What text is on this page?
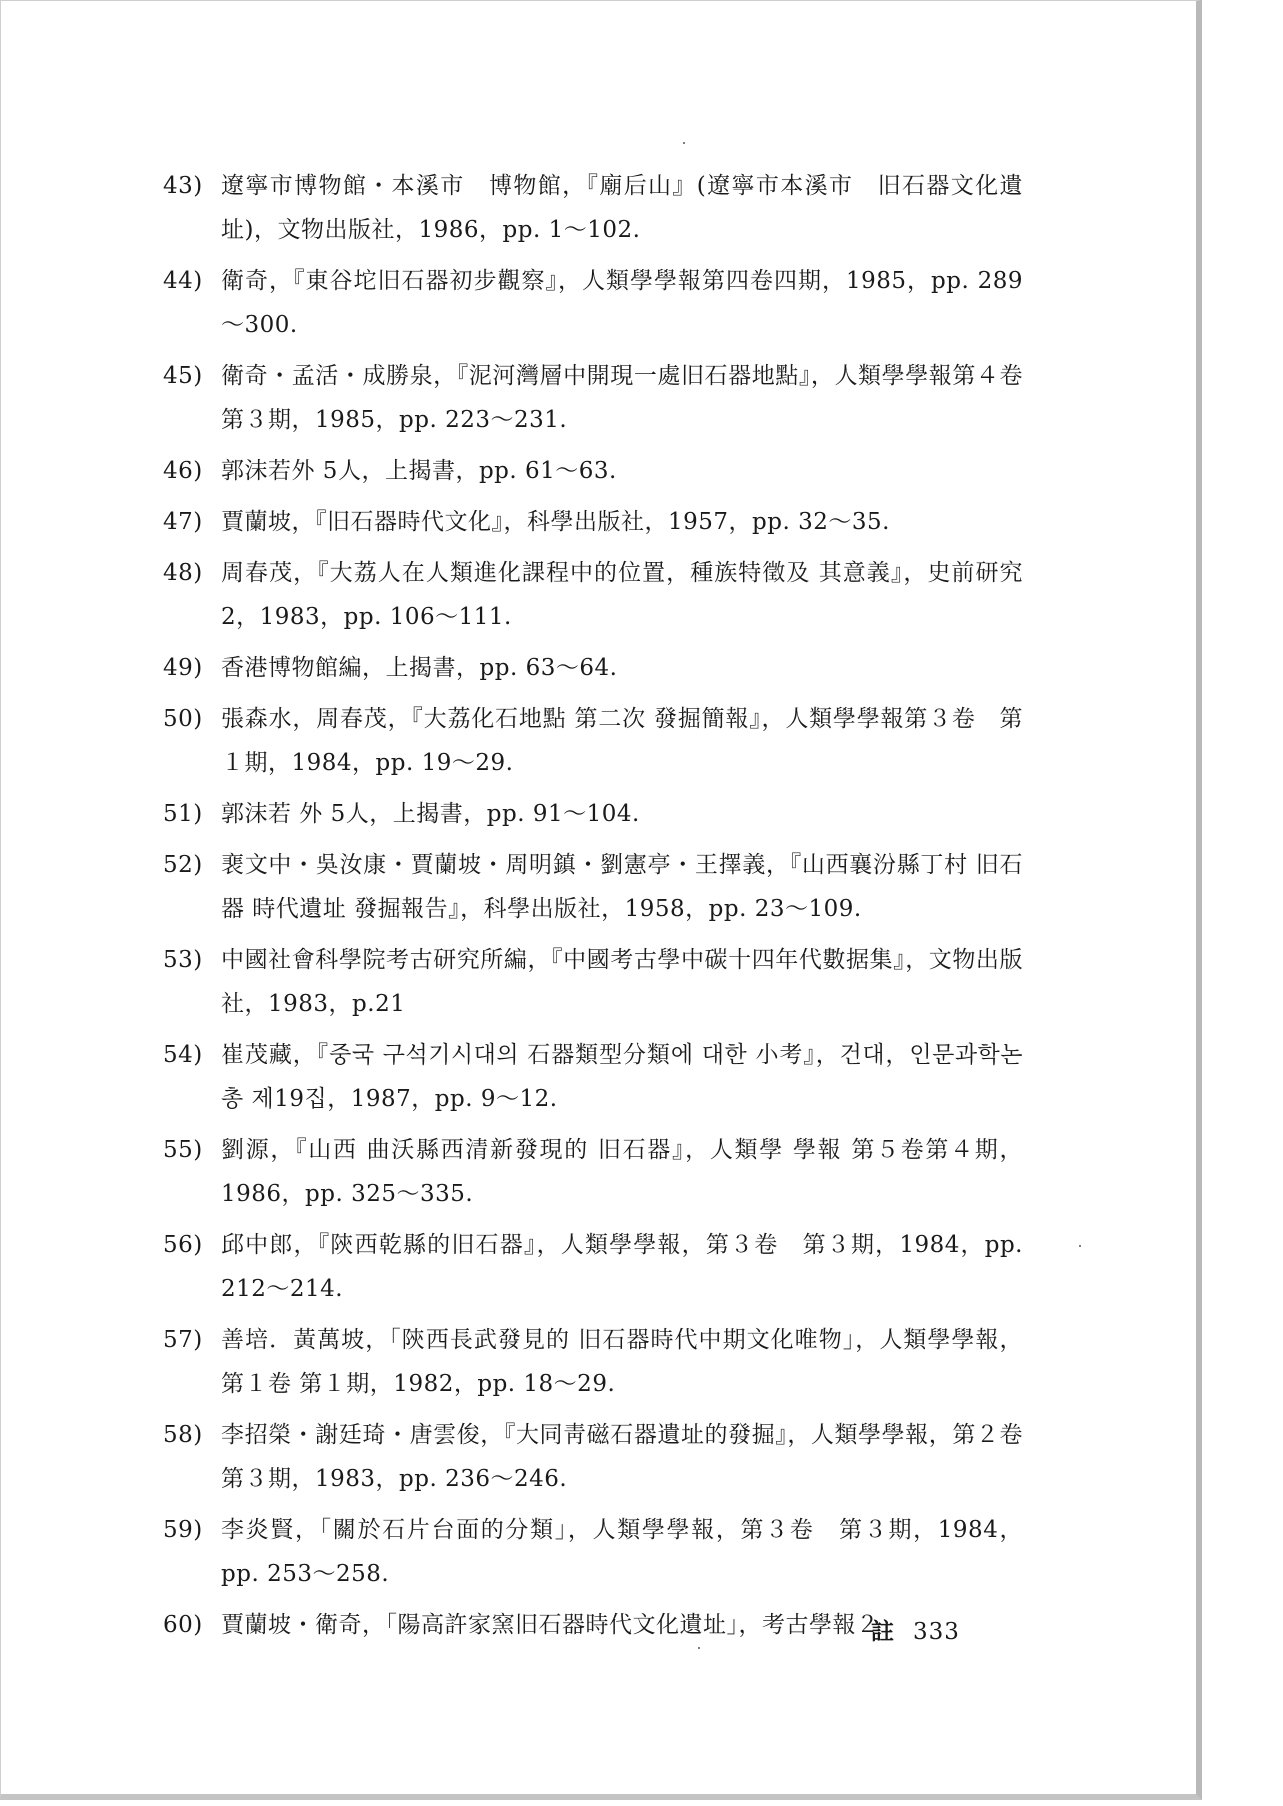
43) 遼寧市博物館・本溪市　博物館，『廟后山』(遼寧市本溪市　旧石器文化遺址)，文物出版社，1986，pp. 1～102.
44) 衛奇，『東谷坨旧石器初步觀察』，人類學學報第四卷四期，1985，pp. 289～300.
45) 衛奇・孟活・成勝泉，『泥河灣層中開現一處旧石器地點』，人類學學報第４卷　第３期，1985，pp. 223～231.
46) 郭沫若外 5人，上揭書，pp. 61～63.
47) 賈蘭坡，『旧石器時代文化』，科學出版社，1957，pp. 32～35.
48) 周春茂，『大荔人在人類進化課程中的位置，種族特徵及 其意義』，史前研究 2，1983，pp. 106～111.
49) 香港博物館編，上揭書，pp. 63～64.
50) 張森水，周春茂，『大荔化石地點 第二次 發掘簡報』，人類學學報第３卷　第１期，1984，pp. 19～29.
51) 郭沫若 外 5人，上揭書，pp. 91～104.
52) 裵文中・吳汝康・賈蘭坡・周明鎮・劉憲亭・王擇義，『山西襄汾縣丁村 旧石器 時代遺址 發掘報告』，科學出版社，1958，pp. 23～109.
53) 中國社會科學院考古研究所編，『中國考古學中碳十四年代數据集』，文物出版社，1983，p.21
54) 崔茂藏，『중국 구석기시대의 石器類型分類에 대한 小考』，건대，인문과학논총 제19집，1987，pp. 9～12.
55) 劉源，『山西 曲沃縣西清新發現的 旧石器』，人類學 學報 第５卷第４期，1986，pp. 325～335.
56) 邱中郎，『陝西乾縣的旧石器』，人類學學報，第３卷　第３期，1984，pp. 212～214.
57) 善培．黃萬坡，「陝西長武發見的 旧石器時代中期文化唯物」，人類學學報，第１卷 第１期，1982，pp. 18～29.
58) 李招榮・謝廷琦・唐雲俊，『大同靑磁石器遺址的發掘』，人類學學報，第２卷 第３期，1983，pp. 236～246.
59) 李炎賢，「關於石片台面的分類」，人類學學報，第３卷　第３期，1984，pp. 253～258.
60) 賈蘭坡・衛奇，「陽高許家窯旧石器時代文化遺址」，考古學報２
註 333
